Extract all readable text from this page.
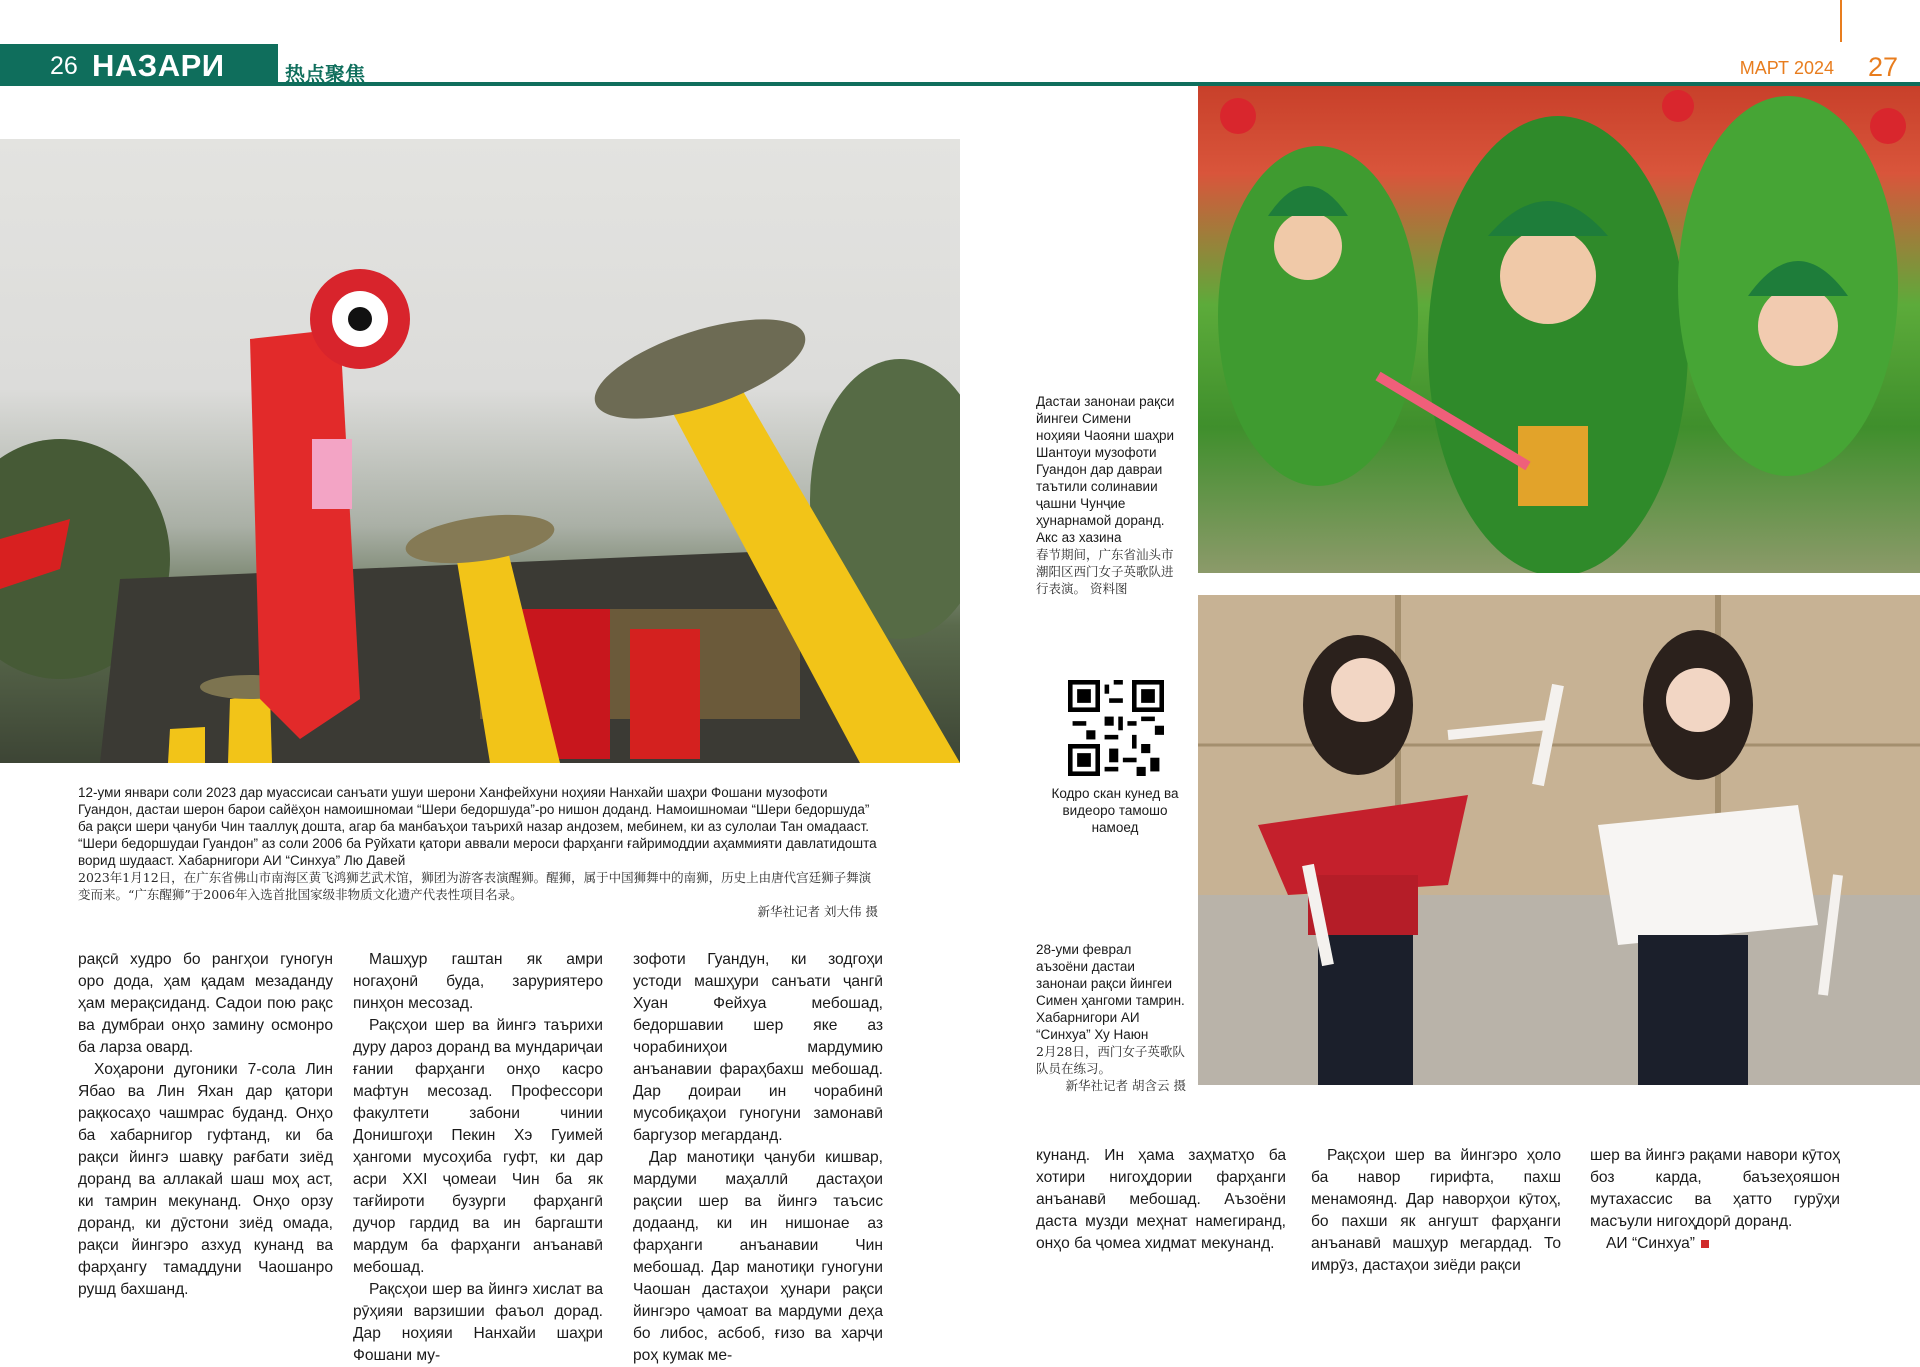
26 НАЗАРИ АСОСӢ
热点聚焦	МАРТ 2024 27
12-уми январи соли 2023 дар муассисаи санъати ушуи шерони Ханфейхуни ноҳияи Нанхайи шаҳри Фошани музофоти Гуандон, дастаи шерон барои сайёҳон намоишномаи “Шери бедоршуда”-ро нишон доданд. Намоишномаи “Шери бедоршуда” ба рақси шери ҷануби Чин тааллуқ дошта, агар ба манбаъҳои таърихӣ назар андозем, мебинем, ки аз сулолаи Тан омадааст. “Шери бедоршудаи Гуандон” аз соли 2006 ба Рӯйхати қатори аввали мероси фарҳанги ғайримоддии аҳаммияти давлатидошта ворид шудааст. Хабарнигори АИ “Синхуа” Лю Давей
2023年1月12日，在广东省佛山市南海区黄飞鸿狮艺武术馆，狮团为游客表演醒狮。醒狮，属于中国狮舞中的南狮，历史上由唐代宫廷狮子舞演变而来。“广东醒狮”于2006年入选首批国家级非物质文化遗产代表性项目名录。
新华社记者 刘大伟 摄
Дастаи занонаи рақси йингеи Симени ноҳияи Чаояни шаҳри Шантоуи музофоти Гуандон дар давраи таътили солинавии ҷашни Чунҷие ҳунарнамой доранд. Акс аз хазина
春节期间，广东省汕头市潮阳区西门女子英歌队进行表演。 资料图
Кодро скан кунед ва видеоро тамошо намоед
28-уми феврал аъзоёни дастаи занонаи рақси йингеи Симен ҳангоми тамрин. Хабарнигори АИ “Синхуа” Ху Наюн
2月28日，西门女子英歌队队员在练习。
新华社记者 胡含云 摄

рақсӣ худро бо рангҳои гуногун оро дода, ҳам қадам мезаданду ҳам мерақсиданд. Садои пою рақс ва думбраи онҳо замину осмонро ба ларза овард.

Хоҳарони дугоники 7-сола Лин Ябао ва Лин Яхан дар қатори рақкосаҳо чашмрас буданд. Онҳо ба хабарнигор гуфтанд, ки ба рақси йингэ шавқу рағбати зиёд доранд ва аллакай шаш моҳ аст, ки тамрин мекунанд. Онҳо орзу доранд, ки дӯстони зиёд омада, рақси йингэро азхуд кунанд ва фарҳангу тамаддуни Чаошанро рушд бахшанд.

Машҳур гаштан як амри ногаҳонӣ буда, заруриятеро пинҳон месозад.

Рақсҳои шер ва йингэ таърихи дуру дароз доранд ва мундариҷаи ғании фарҳанги онҳо касро мафтун месозад. Профессори факултети забони чинии Донишгоҳи Пекин Хэ Гуимей ҳангоми мусоҳиба гуфт, ки дар асри XXI ҷомеаи Чин ба як тағйироти бузурги фарҳангӣ дучор гардид ва ин баргашти мардум ба фарҳанги анъанавӣ мебошад.

Рақсҳои шер ва йингэ хислат ва рӯҳияи варзишии фаъол дорад. Дар ноҳияи Нанхайи шаҳри Фошани му-

зофоти Гуандун, ки зодгоҳи устоди машҳури санъати ҷангӣ Хуан Фейхуа мебошад, бедоршавии шер яке аз чорабиниҳои мардумию анъанавии фараҳбахш мебошад. Дар доираи ин чорабинӣ мусобиқаҳои гуногуни замонавӣ баргузор мегарданд.

Дар манотиқи ҷануби кишвар, мардуми маҳаллӣ дастаҳои рақсии шер ва йингэ таъсис додаанд, ки ин нишонае аз фарҳанги анъанавии Чин мебошад. Дар манотиқи гуногуни Чаошан дастаҳои ҳунари рақси йингэро ҷамоат ва мардуми деҳа бо либос, асбоб, ғизо ва харҷи роҳ кумак ме-

кунанд. Ин ҳама заҳматҳо ба хотири нигоҳдории фарҳанги анъанавӣ мебошад. Аъзоёни даста музди меҳнат намегиранд, онҳо ба ҷомеа хидмат мекунанд.

Рақсҳои шер ва йингэро ҳоло ба навор гирифта, пахш менамоянд. Дар наворҳои кӯтоҳ, бо пахши як ангушт фарҳанги анъанавӣ машҳур мегардад. То имрӯз, дастаҳои зиёди рақси

шер ва йингэ рақами навори кӯтоҳ боз карда, баъзеҳояшон мутахассис ва ҳатто гурӯҳи масъули нигоҳдорӣ доранд.

АИ “Синхуа”
